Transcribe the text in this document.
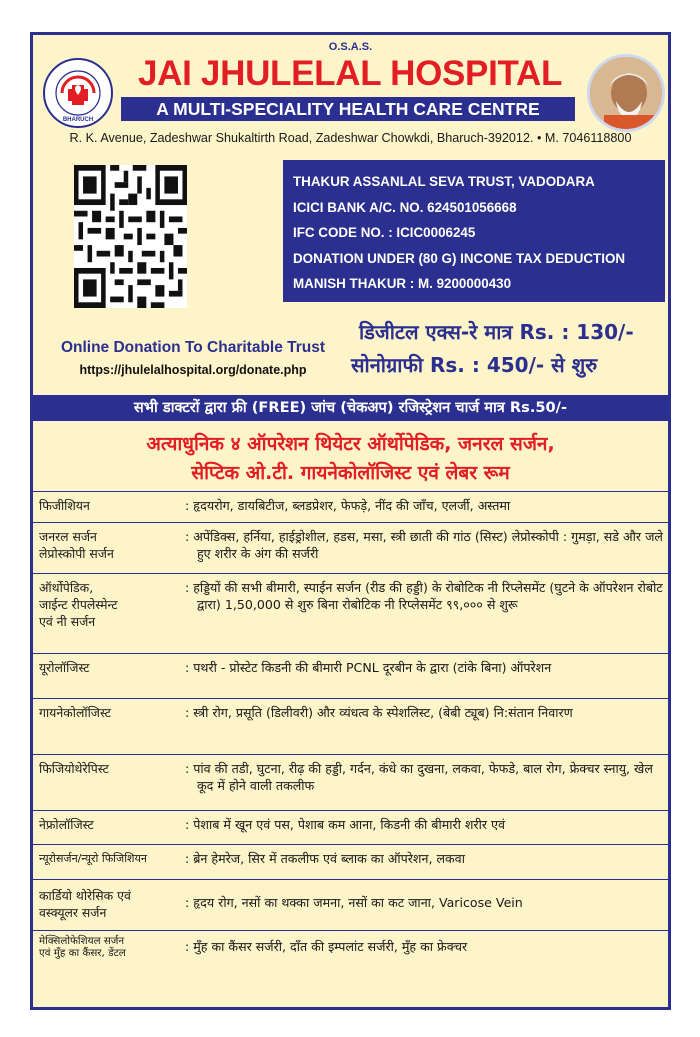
O.S.A.S.
BHARUCH
JAI JHULELAL HOSPITAL
A MULTI-SPECIALITY HEALTH CARE CENTRE
R. K. Avenue, Zadeshwar Shukaltirth Road, Zadeshwar Chowkdi, Bharuch-392012. • M. 7046118800
THAKUR ASSANLAL SEVA TRUST, VADODARA
ICICI BANK A/C. NO. 624501056668
IFC CODE NO. : ICIC0006245
DONATION UNDER (80 G) INCONE TAX DEDUCTION
MANISH THAKUR : M. 9200000430
Online Donation To Charitable Trust
https://jhulelalhospital.org/donate.php
डिजीटल एक्स-रे मात्र Rs. : 130/-
सोनोग्राफी Rs. : 450/- से शुरु
सभी डाक्टरों द्वारा फ्री (FREE) जांच (चेकअप) रजिस्ट्रेशन चार्ज मात्र Rs.50/-
अत्याधुनिक ४ ऑपरेशन थियेटर ऑर्थोपेडिक, जनरल सर्जन,
सेप्टिक ओ.टी. गायनेकोलॉजिस्ट एवं लेबर रूम
फिजीशियन	: हृदयरोग, डायबिटीज, ब्लडप्रेशर, फेफड़े, नींद की जाँच, एलर्जी, अस्तमा
जनरल सर्जन
लेप्रोस्कोपी सर्जन
: अपेंडिक्स, हर्निया, हाईड्रोशील, हडस, मसा, स्त्री छाती की गांठ (सिस्ट) लेप्रोस्कोपी : गुमड़ा, सडे और जले हुए शरीर के अंग की सर्जरी
ऑर्थोपेडिक,
जाईन्ट रीपलेस्मेन्ट
एवं नी सर्जन
: हड्डियों की सभी बीमारी, स्पाईन सर्जन (रीड की हड्डी) के रोबोटिक नी रिप्लेसमेंट (घुटने के ऑपरेशन रोबोट द्वारा) 1,50,000 से शुरु बिना रोबोटिक नी रिप्लेसमेंट ९९,००० से शुरू
यूरोलॉजिस्ट	: पथरी - प्रोस्टेट किडनी की बीमारी PCNL दूरबीन के द्वारा (टांके बिना) ऑपरेशन
गायनेकोलॉजिस्ट	: स्त्री रोग, प्रसूति (डिलीवरी) और व्यंधत्व के स्पेशलिस्ट, (बेबी ट्यूब) नि:संतान निवारण
फिजियोथेरेपिस्ट	: पांव की तडी, घुटना, रीढ़ की हड्डी, गर्दन, कंधे का दुखना, लकवा, फेफडे, बाल रोग, फ्रेक्चर स्नायु, खेल कूद में होने वाली तकलीफ
नेफ्रोलॉजिस्ट	: पेशाब में खून एवं पस, पेशाब कम आना, किडनी की बीमारी शरीर एवं
न्यूरोसर्जन/न्यूरो फिजिशियन	: ब्रेन हेमरेज, सिर में तकलीफ एवं ब्लाक का ऑपरेशन, लकवा
कार्डियो थोरेसिक एवं
वस्क्यूलर सर्जन
: हृदय रोग, नसों का थक्का जमना, नसों का कट जाना, Varicose Vein
मेक्सिलोफेशियल सर्जन
एवं मुँह का कैंसर, डेंटल	: मुँह का कैंसर सर्जरी, दाँत की इम्पलांट सर्जरी, मुँह का फ्रेक्चर
